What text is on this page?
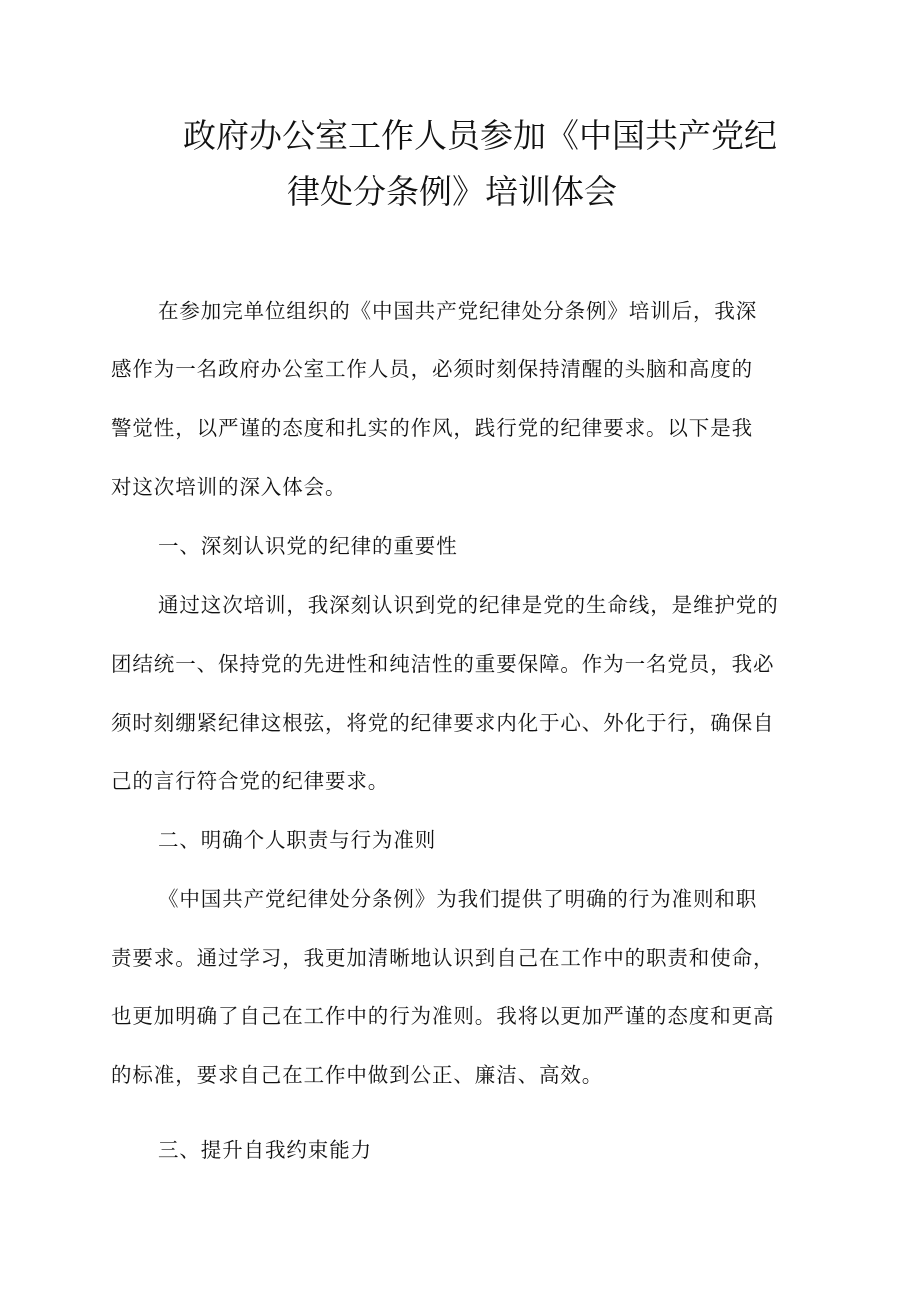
政府办公室工作人员参加《中国共产党纪
律处分条例》培训体会
在参加完单位组织的《中国共产党纪律处分条例》培训后，我深
感作为一名政府办公室工作人员，必须时刻保持清醒的头脑和高度的
警觉性，以严谨的态度和扎实的作风，践行党的纪律要求。以下是我
对这次培训的深入体会。
一、深刻认识党的纪律的重要性
通过这次培训，我深刻认识到党的纪律是党的生命线，是维护党的
团结统一、保持党的先进性和纯洁性的重要保障。作为一名党员，我必
须时刻绷紧纪律这根弦，将党的纪律要求内化于心、外化于行，确保自
己的言行符合党的纪律要求。
二、明确个人职责与行为准则
《中国共产党纪律处分条例》为我们提供了明确的行为准则和职
责要求。通过学习，我更加清晰地认识到自己在工作中的职责和使命，
也更加明确了自己在工作中的行为准则。我将以更加严谨的态度和更高
的标准，要求自己在工作中做到公正、廉洁、高效。
三、提升自我约束能力
